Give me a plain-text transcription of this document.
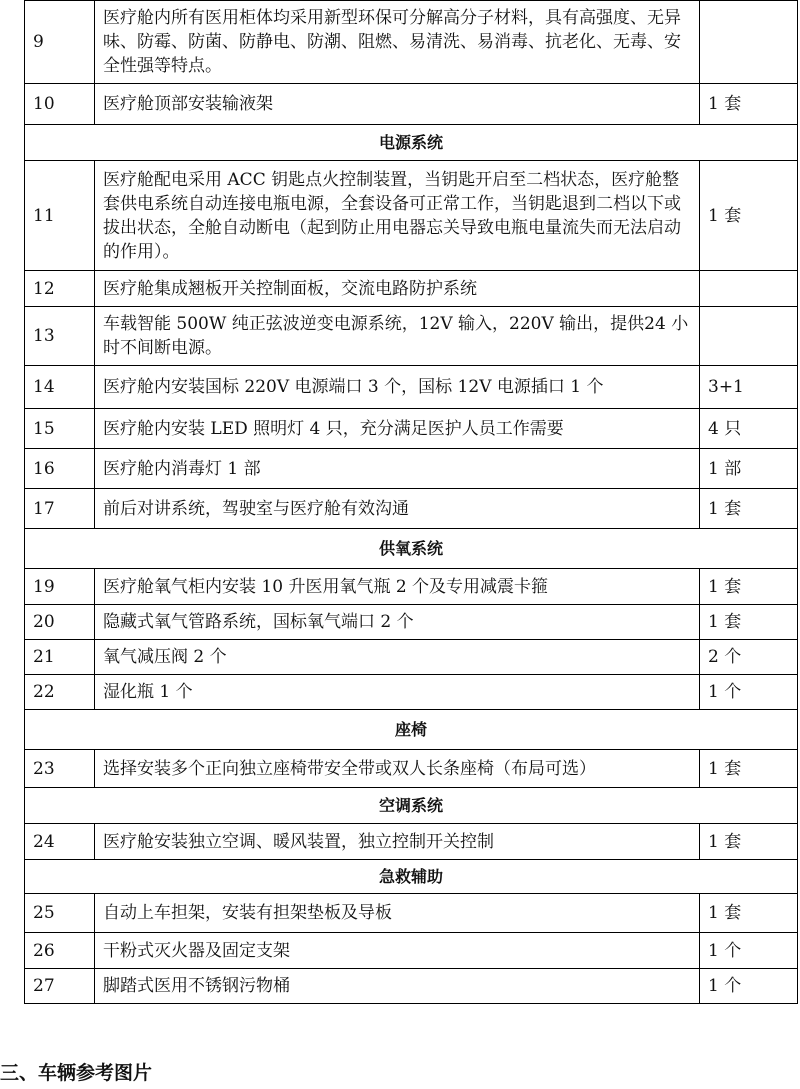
9	医疗舱内所有医用柜体均采用新型环保可分解高分子材料，具有高强度、无异味、防霉、防菌、防静电、防潮、阻燃、易清洗、易消毒、抗老化、无毒、安全性强等特点。	
10	医疗舱顶部安装输液架	1 套
电源系统		
11	医疗舱配电采用 ACC 钥匙点火控制装置，当钥匙开启至二档状态，医疗舱整套供电系统自动连接电瓶电源，全套设备可正常工作，当钥匙退到二档以下或拔出状态，全舱自动断电（起到防止用电器忘关导致电瓶电量流失而无法启动的作用）。	1 套
12	医疗舱集成翘板开关控制面板，交流电路防护系统	
13	车载智能 500W 纯正弦波逆变电源系统，12V 输入，220V 输出，提供24 小时不间断电源。	
14	医疗舱内安装国标 220V 电源端口 3 个，国标 12V 电源插口 1 个	3+1
15	医疗舱内安装 LED 照明灯 4 只，充分满足医护人员工作需要	4 只
16	医疗舱内消毒灯 1 部	1 部
17	前后对讲系统，驾驶室与医疗舱有效沟通	1 套
供氧系统		
19	医疗舱氧气柜内安装 10 升医用氧气瓶 2 个及专用减震卡箍	1 套
20	隐藏式氧气管路系统，国标氧气端口 2 个	1 套
21	氧气减压阀 2 个	2 个
22	湿化瓶 1 个	1 个
座椅		
23	选择安装多个正向独立座椅带安全带或双人长条座椅（布局可选）	1 套
空调系统		
24	医疗舱安装独立空调、暖风装置，独立控制开关控制	1 套
急救辅助		
25	自动上车担架，安装有担架垫板及导板	1 套
26	干粉式灭火器及固定支架	1 个
27	脚踏式医用不锈钢污物桶	1 个
三、车辆参考图片
